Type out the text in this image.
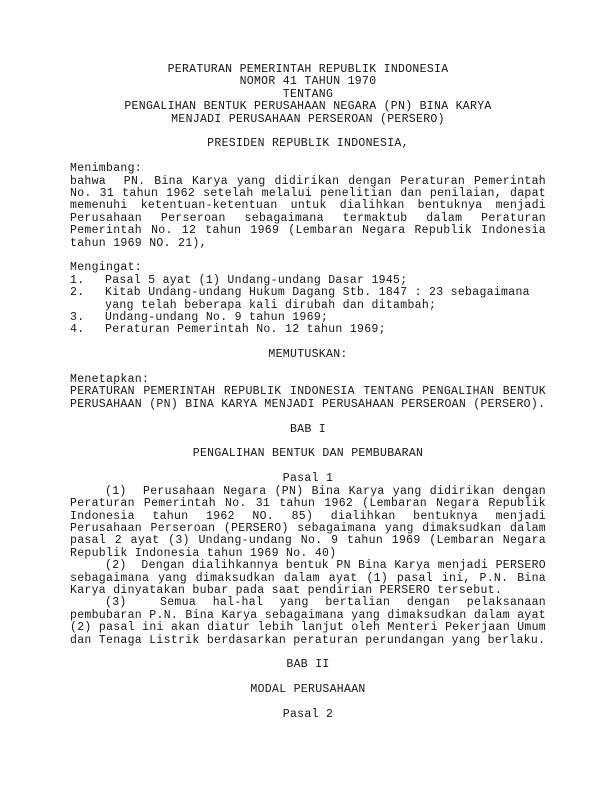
PERATURAN PEMERINTAH REPUBLIK INDONESIA
NOMOR 41 TAHUN 1970
TENTANG
PENGALIHAN BENTUK PERUSAHAAN NEGARA (PN) BINA KARYA
MENJADI PERUSAHAAN PERSEROAN (PERSERO)
PRESIDEN REPUBLIK INDONESIA,
Menimbang:

bahwa  PN. Bina Karya yang didirikan dengan Peraturan Pemerintah No. 31 tahun 1962 setelah melalui penelitian dan penilaian, dapat memenuhi ketentuan-ketentuan untuk dialihkan bentuknya menjadi Perusahaan Perseroan sebagaimana termaktub dalam Peraturan Pemerintah No. 12 tahun 1969 (Lembaran Negara Republik Indonesia tahun 1969 NO. 21),

Mengingat:
1.	Pasal 5 ayat (1) Undang-undang Dasar 1945;
2.	Kitab Undang-undang Hukum Dagang Stb. 1847 : 23 sebagaimana yang telah beberapa kali dirubah dan ditambah;
3.	Undang-undang No. 9 tahun 1969;
4.	Peraturan Pemerintah No. 12 tahun 1969;
MEMUTUSKAN:
Menetapkan:

PERATURAN PEMERINTAH REPUBLIK INDONESIA TENTANG PENGALIHAN BENTUK PERUSAHAAN (PN) BINA KARYA MENJADI PERUSAHAAN PERSEROAN (PERSERO).

BAB I
PENGALIHAN BENTUK DAN PEMBUBARAN
Pasal 1

(1)  Perusahaan Negara (PN) Bina Karya yang didirikan dengan Peraturan Pemerintah No. 31 tahun 1962 (Lembaran Negara Republik Indonesia tahun 1962 NO. 85) dialihkan bentuknya menjadi Perusahaan Perseroan (PERSERO) sebagaimana yang dimaksudkan dalam pasal 2 ayat (3) Undang-undang No. 9 tahun 1969 (Lembaran Negara Republik Indonesia tahun 1969 No. 40)

(2)  Dengan dialihkannya bentuk PN Bina Karya menjadi PERSERO sebagaimana yang dimaksudkan dalam ayat (1) pasal ini, P.N. Bina Karya dinyatakan bubar pada saat pendirian PERSERO tersebut.

(3)  Semua hal-hal yang bertalian dengan pelaksanaan pembubaran P.N. Bina Karya sebagaimana yang dimaksudkan dalam ayat (2) pasal ini akan diatur lebih lanjut oleh Menteri Pekerjaan Umum dan Tenaga Listrik berdasarkan peraturan perundangan yang berlaku.

BAB II
MODAL PERUSAHAAN
Pasal 2
